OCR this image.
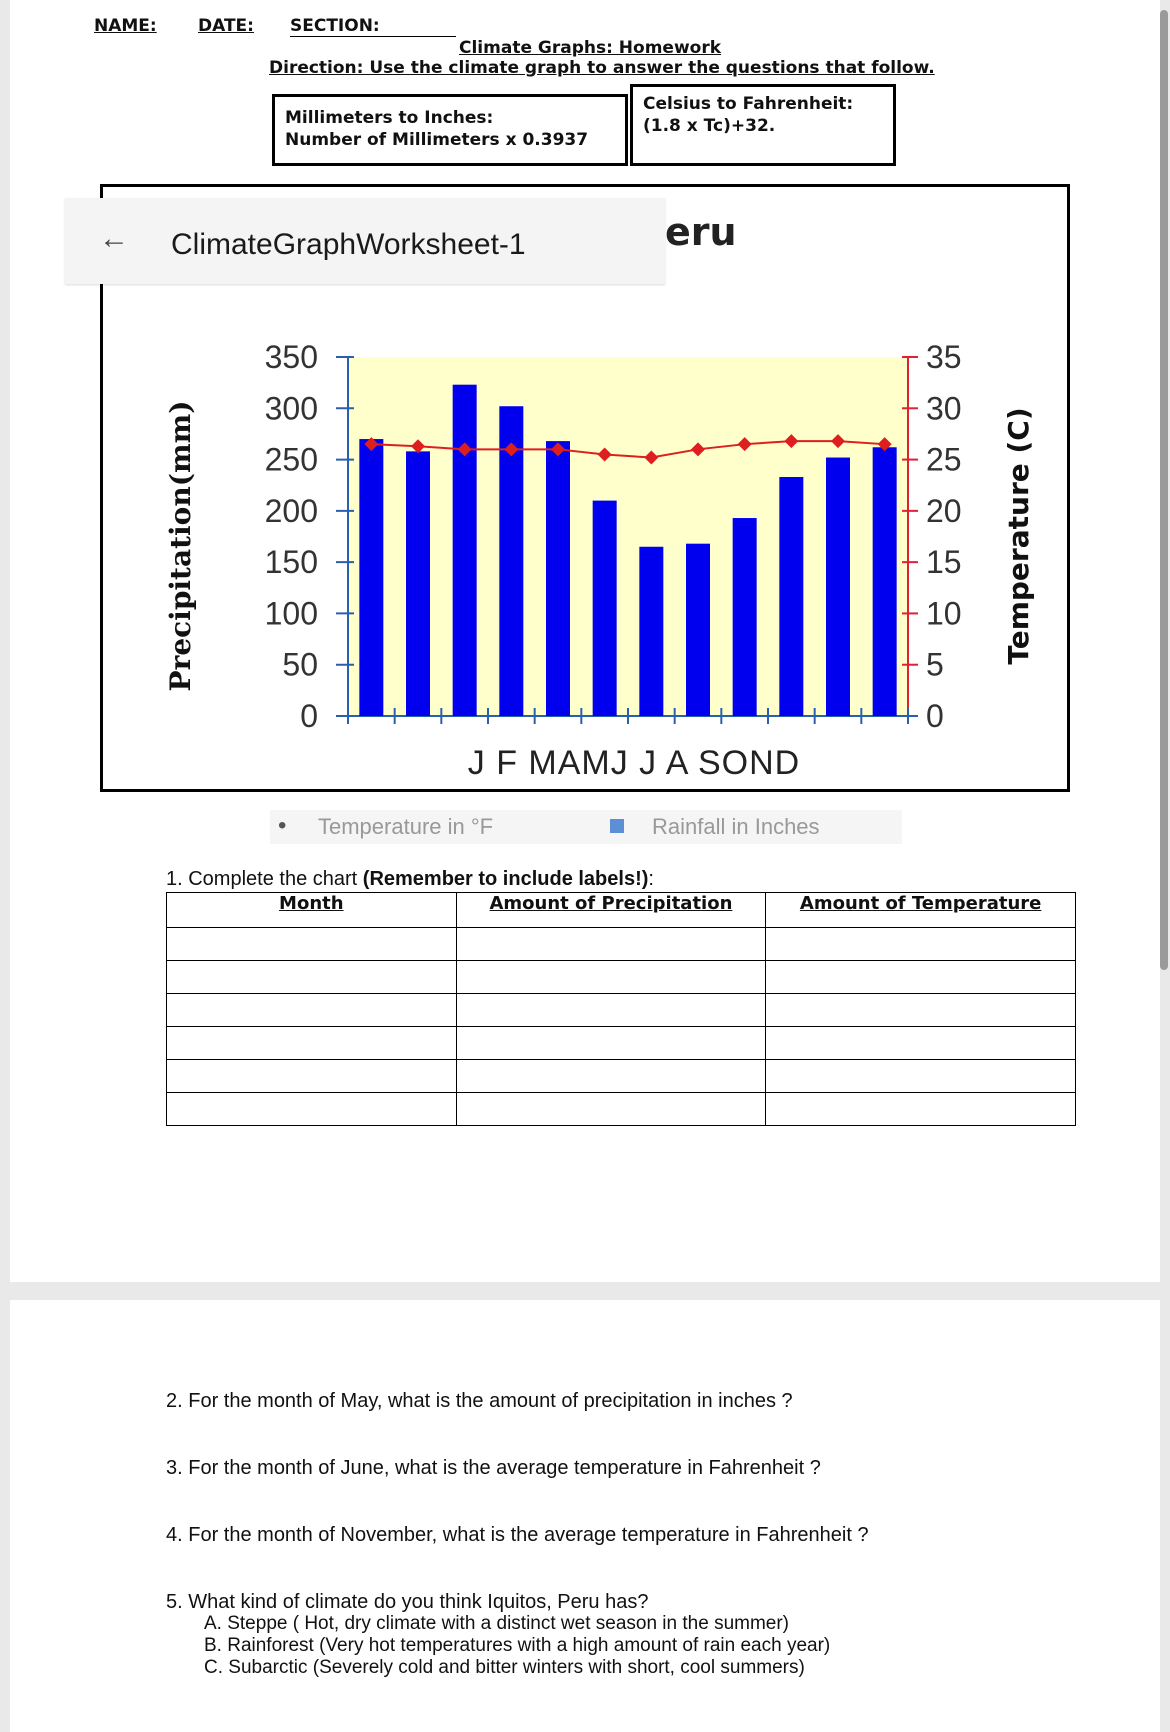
NAME: DATE: SECTION:
Climate Graphs: Homework
Direction: Use the climate graph to answer the questions that follow.
Millimeters to Inches:
Number of Millimeters x 0.3937
Celsius to Fahrenheit:
(1.8 x Tc)+32.
350
300
250
200
150
100
50
0
35
30
25
20
15
10
5
0
J F MAMJ J A SOND
Precipitation(mm)	Temperature (C)
← ClimateGraphWorksheet-1	eru
• Temperature in °F	Rainfall in Inches
1. Complete the chart (Remember to include labels!):
Month	Amount of Precipitation	Amount of Temperature

2. For the month of May, what is the amount of precipitation in inches ?
3. For the month of June, what is the average temperature in Fahrenheit ?
4. For the month of November, what is the average temperature in Fahrenheit ?
5. What kind of climate do you think Iquitos, Peru has?
A. Steppe ( Hot, dry climate with a distinct wet season in the summer)
B. Rainforest (Very hot temperatures with a high amount of rain each year)
C. Subarctic (Severely cold and bitter winters with short, cool summers)
